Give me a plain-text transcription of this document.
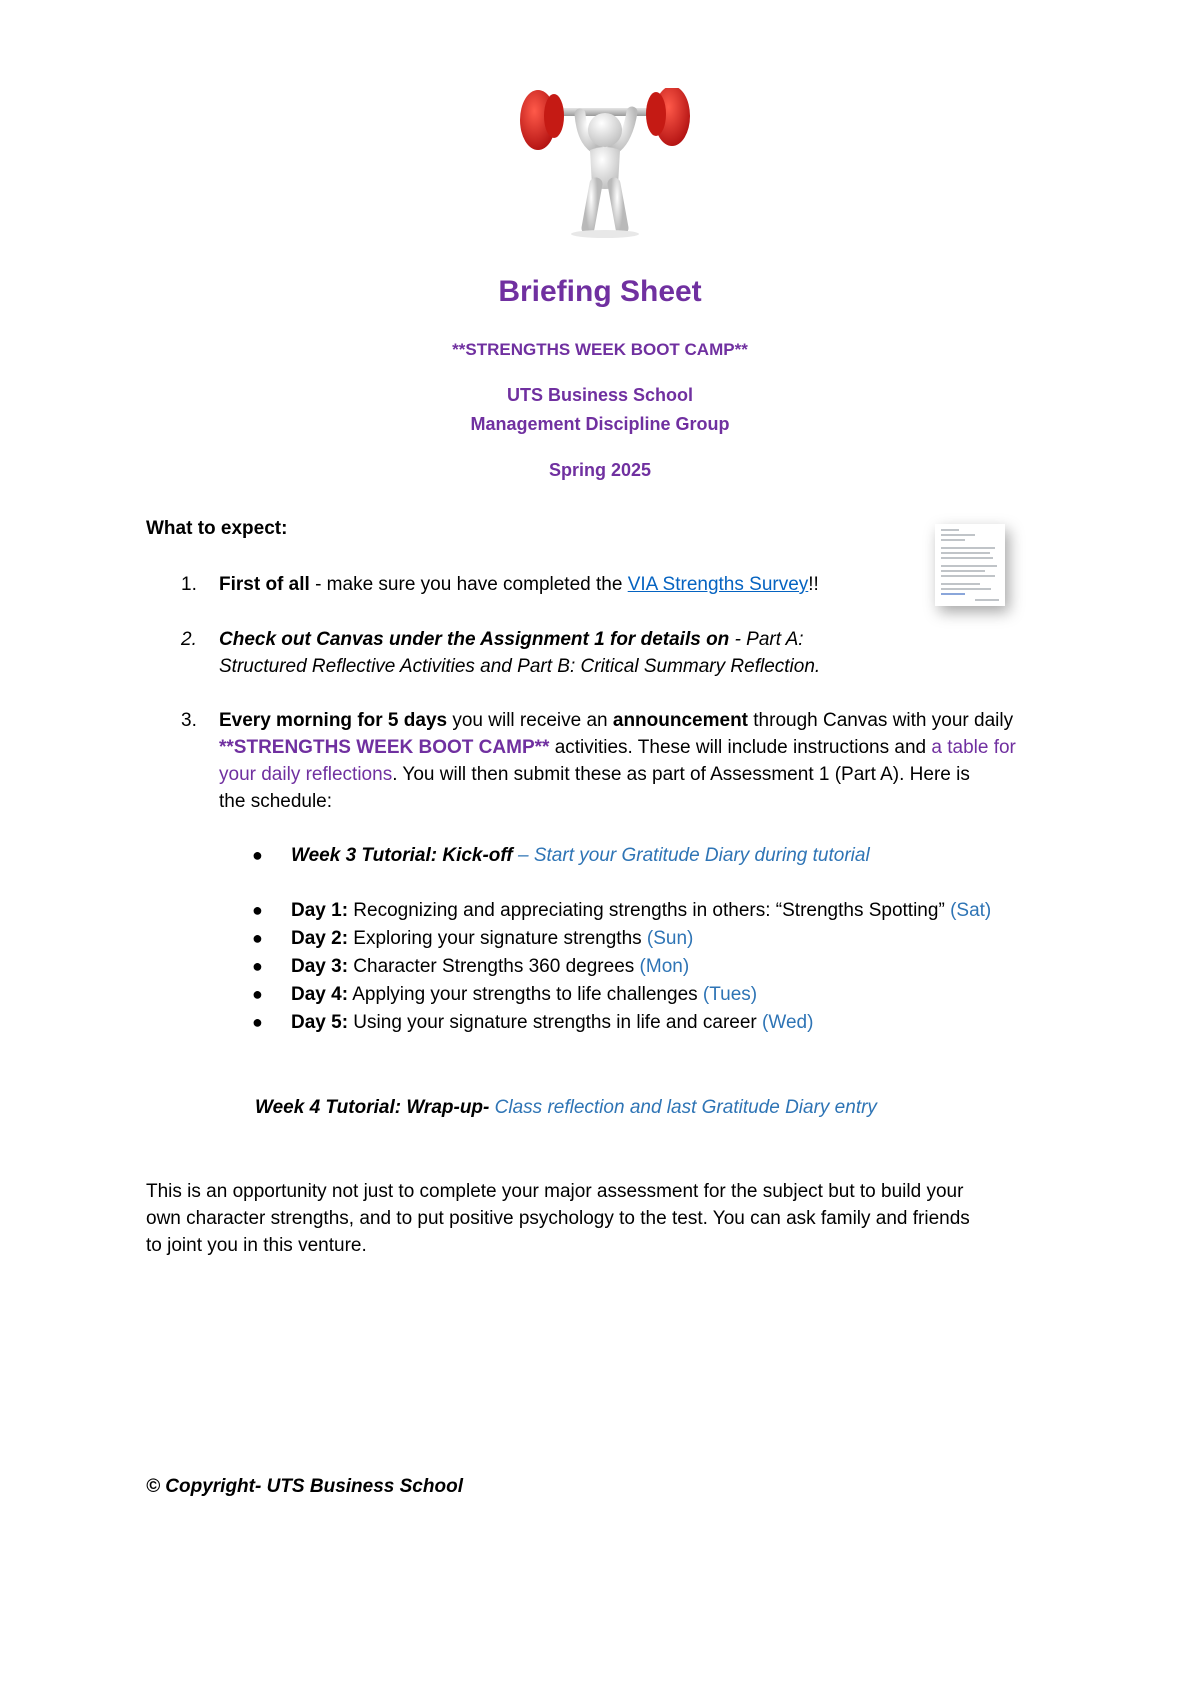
Briefing Sheet
**STRENGTHS WEEK BOOT CAMP**
UTS Business School
Management Discipline Group
Spring 2025
What to expect:
1.	First of all - make sure you have completed the VIA Strengths Survey!!
2.	Check out Canvas under the Assignment 1 for details on - Part A:
Structured Reflective Activities and Part B: Critical Summary Reflection.
3.	Every morning for 5 days you will receive an announcement through Canvas with your daily
**STRENGTHS WEEK BOOT CAMP** activities. These will include instructions and a table for
your daily reflections. You will then submit these as part of Assessment 1 (Part A). Here is
the schedule:
● Week 3 Tutorial: Kick-off – Start your Gratitude Diary during tutorial
● Day 1: Recognizing and appreciating strengths in others: “Strengths Spotting” (Sat)
● Day 2: Exploring your signature strengths (Sun)
● Day 3: Character Strengths 360 degrees (Mon)
● Day 4: Applying your strengths to life challenges (Tues)
● Day 5: Using your signature strengths in life and career (Wed)
Week 4 Tutorial: Wrap-up- Class reflection and last Gratitude Diary entry
This is an opportunity not just to complete your major assessment for the subject but to build your
own character strengths, and to put positive psychology to the test. You can ask family and friends
to joint you in this venture.
© Copyright- UTS Business School
